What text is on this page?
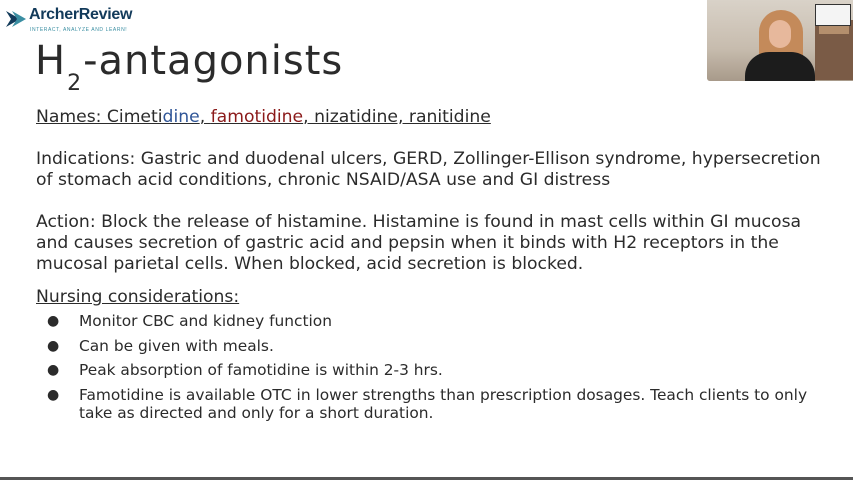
ArcherReview
INTERACT, ANALYZE AND LEARN!
$H_2$-antagonists
Names: Cimetidine, famotidine, nizatidine, ranitidine
Indications: Gastric and duodenal ulcers, GERD, Zollinger-Ellison syndrome, hypersecretion
of stomach acid conditions, chronic NSAID/ASA use and GI distress
Action: Block the release of histamine. Histamine is found in mast cells within GI mucosa
and causes secretion of gastric acid and pepsin when it binds with H2 receptors in the
mucosal parietal cells. When blocked, acid secretion is blocked.
Nursing considerations:
● Monitor CBC and kidney function
● Can be given with meals.
● Peak absorption of famotidine is within 2-3 hrs.
● Famotidine is available OTC in lower strengths than prescription dosages. Teach clients to only
take as directed and only for a short duration.
